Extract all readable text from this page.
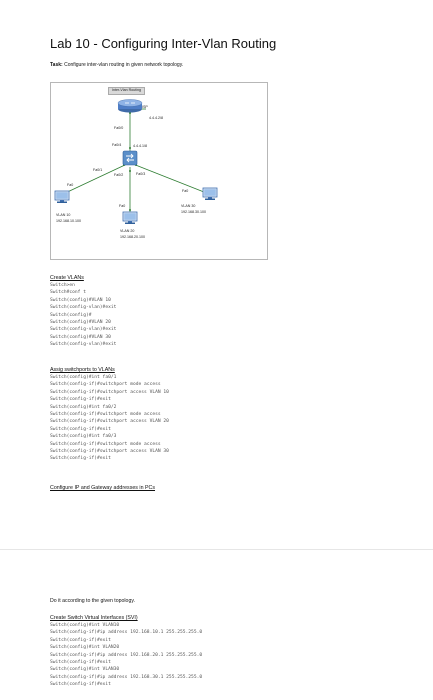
Lab 10 - Configuring Inter-Vlan Routing
Task: Configure inter-vlan routing in given network topology.
Inter-Vlan Routing
ISP
4.4.4.2/8
Fa0/0
Fa0/4	4.4.4.1/8
Fa0/1
Fa0/2	Fa0/3
Fa0
VLAN 10
192.168.10.100
Fa0
VLAN 20
192.168.20.100
Fa0
VLAN 30
192.168.30.100
Create VLANs
Switch>en
Switch#conf t
Switch(config)#VLAN 10
Switch(config-vlan)#exit
Switch(config)#
Switch(config)#VLAN 20
Switch(config-vlan)#exit
Switch(config)#VLAN 30
Switch(config-vlan)#exit
Assig switchports to VLANs
Switch(config)#int fa0/1
Switch(config-if)#switchport mode access
Switch(config-if)#switchport access VLAN 10
Switch(config-if)#exit
Switch(config)#int fa0/2
Switch(config-if)#switchport mode access
Switch(config-if)#switchport access VLAN 20
Switch(config-if)#exit
Switch(config)#int fa0/3
Switch(config-if)#switchport mode access
Switch(config-if)#switchport access VLAN 30
Switch(config-if)#exit
Configure IP and Gateway addresses in PCs
Do it according to the given topology.
Create Switch Virtual Interfaces (SVI)
Switch(config)#int VLAN10
Switch(config-if)#ip address 192.168.10.1 255.255.255.0
Switch(config-if)#exit
Switch(config)#int VLAN20
Switch(config-if)#ip address 192.168.20.1 255.255.255.0
Switch(config-if)#exit
Switch(config)#int VLAN30
Switch(config-if)#ip address 192.168.30.1 255.255.255.0
Switch(config-if)#exit
